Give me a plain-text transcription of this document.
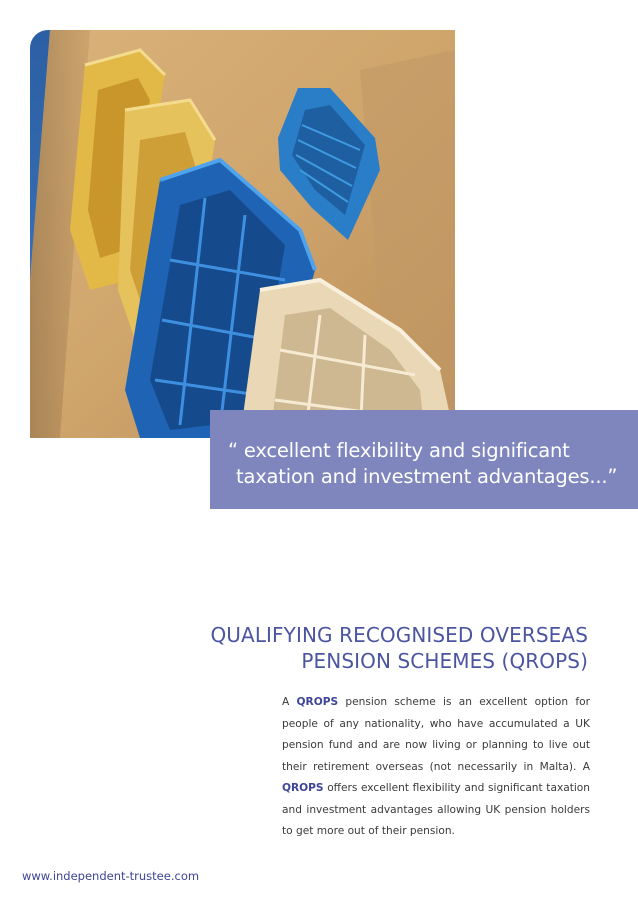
“ excellent flexibility and significant
taxation and investment advantages...”
QUALIFYING RECOGNISED OVERSEAS
PENSION SCHEMES (QROPS)
A QROPS pension scheme is an excellent option for people of any nationality, who have accumulated a UK pension fund and are now living or planning to live out their retirement overseas (not necessarily in Malta). A QROPS offers excellent flexibility and significant taxation and investment advantages allowing UK pension holders to get more out of their pension.
www.independent-trustee.com
